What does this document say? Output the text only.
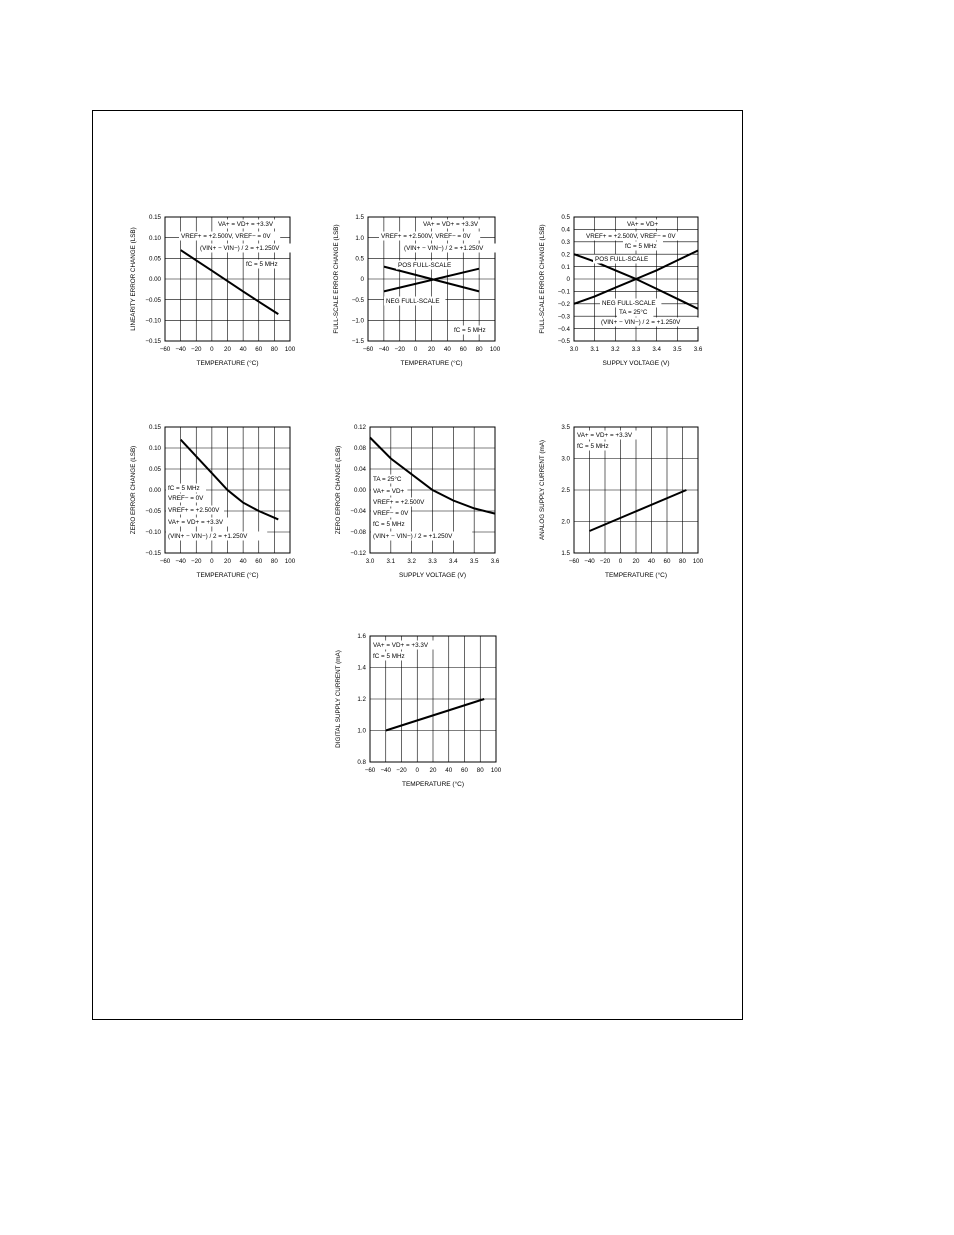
−60 −40 −20 0 20 40 60 80 100
0.15
0.10
0.05
0.00
−0.05
−0.10
−0.15
TEMPERATURE (°C)
LINEARITY ERROR CHANGE (LSB)
VA+ = VD+ = +3.3V
VREF+ = +2.500V, VREF− = 0V
(VIN+ − VIN−) / 2 = +1.250V
fC = 5 MHz
−60 −40 −20 0 20 40 60 80 100
1.5
1.0
0.5
0
−0.5
−1.0
−1.5
TEMPERATURE (°C)
FULL-SCALE ERROR CHANGE (LSB)	POS FULL-SCALE
NEG FULL-SCALE
VA+ = VD+ = +3.3V
VREF+ = +2.500V, VREF− = 0V
(VIN+ − VIN−) / 2 = +1.250V
fC = 5 MHz
3.0 3.1 3.2 3.3 3.4 3.5 3.6
0.5
0.4
0.3
0.2
0.1
0
−0.1
−0.2
−0.3
−0.4
−0.5
SUPPLY VOLTAGE (V)
FULL-SCALE ERROR CHANGE (LSB)	POS FULL-SCALE
NEG FULL-SCALE
VA+ = VD+
VREF+ = +2.500V, VREF− = 0V
fC = 5 MHz
TA = 25°C
(VIN+ − VIN−) / 2 = +1.250V
−60 −40 −20 0 20 40 60 80 100
0.15
0.10
0.05
0.00
−0.05
−0.10
−0.15
TEMPERATURE (°C)
ZERO ERROR CHANGE (LSB)	fC = 5 MHz
VREF− = 0V
VREF+ = +2.500V
VA+ = VD+ = +3.3V
(VIN+ − VIN−) / 2 = +1.250V
3.0 3.1 3.2 3.3 3.4 3.5 3.6
0.12
0.08
0.04
0.00
−0.04
−0.08
−0.12
SUPPLY VOLTAGE (V)
ZERO ERROR CHANGE (LSB)	TA = 25°C
VA+ = VD+
VREF+ = +2.500V
VREF− = 0V
fC = 5 MHz
(VIN+ − VIN−) / 2 = +1.250V
−60 −40 −20 0 20 40 60 80 100
3.5
3.0
2.5
2.0
1.5
TEMPERATURE (°C)
ANALOG SUPPLY CURRENT (mA)
VA+ = VD+ = +3.3V
fC = 5 MHz
−60 −40 −20 0 20 40 60 80 100
1.6
1.4
1.2
1.0
0.8
TEMPERATURE (°C)
DIGITAL SUPPLY CURRENT (mA)
VA+ = VD+ = +3.3V
fC = 5 MHz
